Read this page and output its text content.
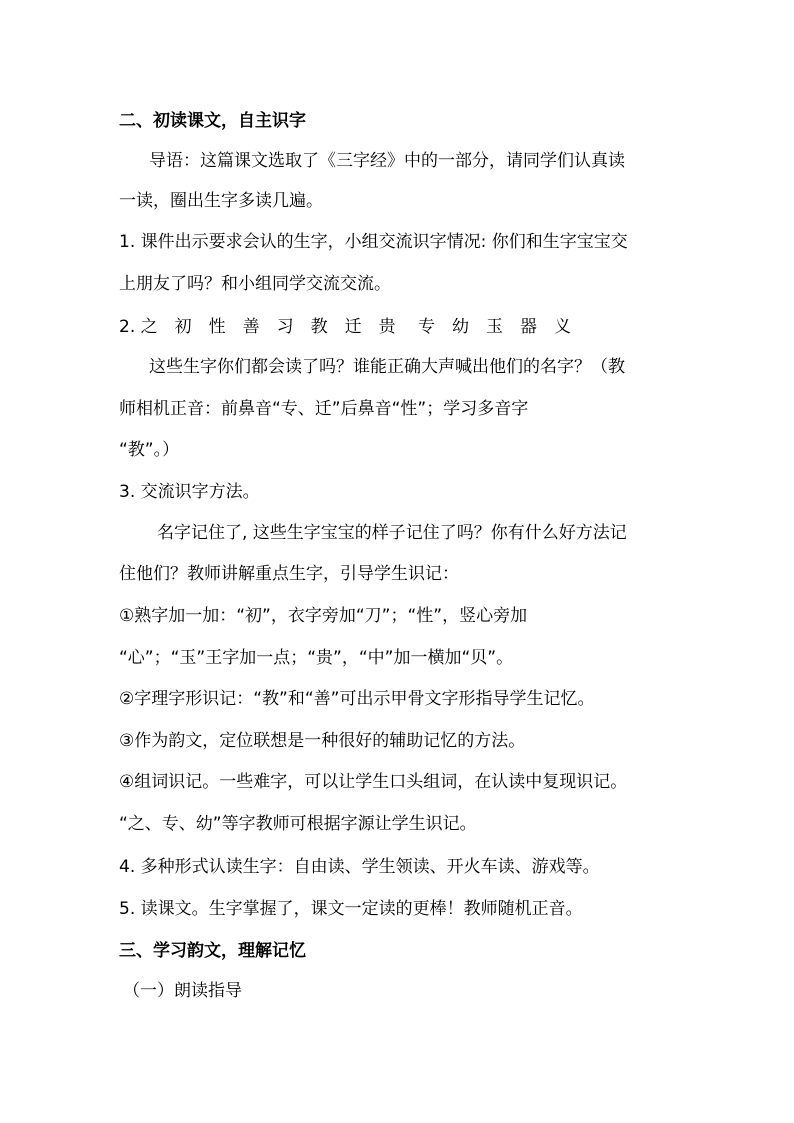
二、初读课文，自主识字
导语：这篇课文选取了《三字经》中的一部分，请同学们认真读
一读，圈出生字多读几遍。
1. 课件出示要求会认的生字，小组交流识字情况: 你们和生字宝宝交
上朋友了吗？和小组同学交流交流。
2. 之　初　性　善　习　教　迁　贵　 专　幼　玉　器　义
这些生字你们都会读了吗？谁能正确大声喊出他们的名字？（教
师相机正音：前鼻音“专、迁”后鼻音“性”；学习多音字
“教”。）
3. 交流识字方法。
名字记住了, 这些生字宝宝的样子记住了吗？你有什么好方法记
住他们？教师讲解重点生字，引导学生识记：
①熟字加一加：“初”，衣字旁加“刀”；“性”，竖心旁加
“心”；“玉”王字加一点；“贵”，“中”加一横加“贝”。
②字理字形识记：“教”和“善”可出示甲骨文字形指导学生记忆。
③作为韵文，定位联想是一种很好的辅助记忆的方法。
④组词识记。一些难字，可以让学生口头组词，在认读中复现识记。
“之、专、幼”等字教师可根据字源让学生识记。
4. 多种形式认读生字：自由读、学生领读、开火车读、游戏等。
5. 读课文。生字掌握了，课文一定读的更棒！教师随机正音。
三、学习韵文，理解记忆
（一）朗读指导
